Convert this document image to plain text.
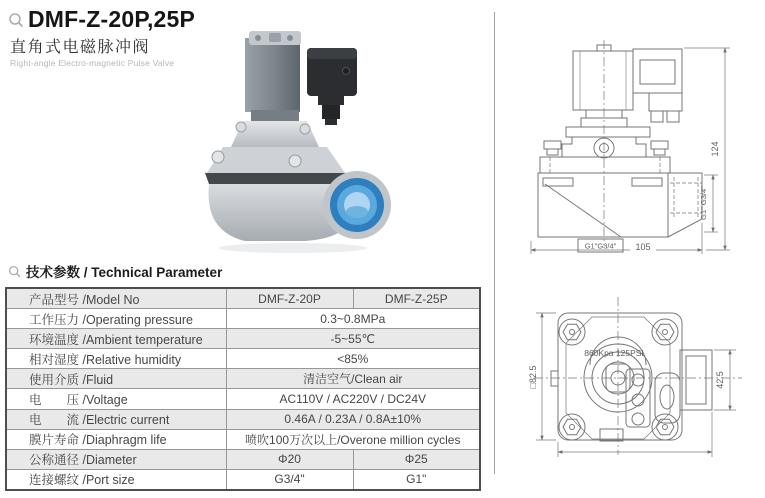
DMF-Z-20P,25P
直角式电磁脉冲阀
Right-angle Electro-magnetic Pulse Valve
105
G1"G3/4"
124
G1" G3/4"
技术参数 / Technical Parameter
产品型号 /Model No	DMF-Z-20P	DMF-Z-25P
工作压力 /Operating pressure	0.3~0.8MPa	
环境温度 /Ambient temperature	-5~55℃	
相对湿度 /Relative humidity	<85%	
使用介质 /Fluid	清洁空气/Clean air	
电　　压 /Voltage	AC110V / AC220V / DC24V	
电　　流 /Electric current	0.46A / 0.23A / 0.8A±10%	
膜片寿命 /Diaphragm life	喷吹100万次以上/Overone million cycles	
公称通径 /Diameter	Φ20	Φ25
连接螺纹 /Port size	G3/4"	G1"
860Kpa 125PSI
□82.5	42.5
